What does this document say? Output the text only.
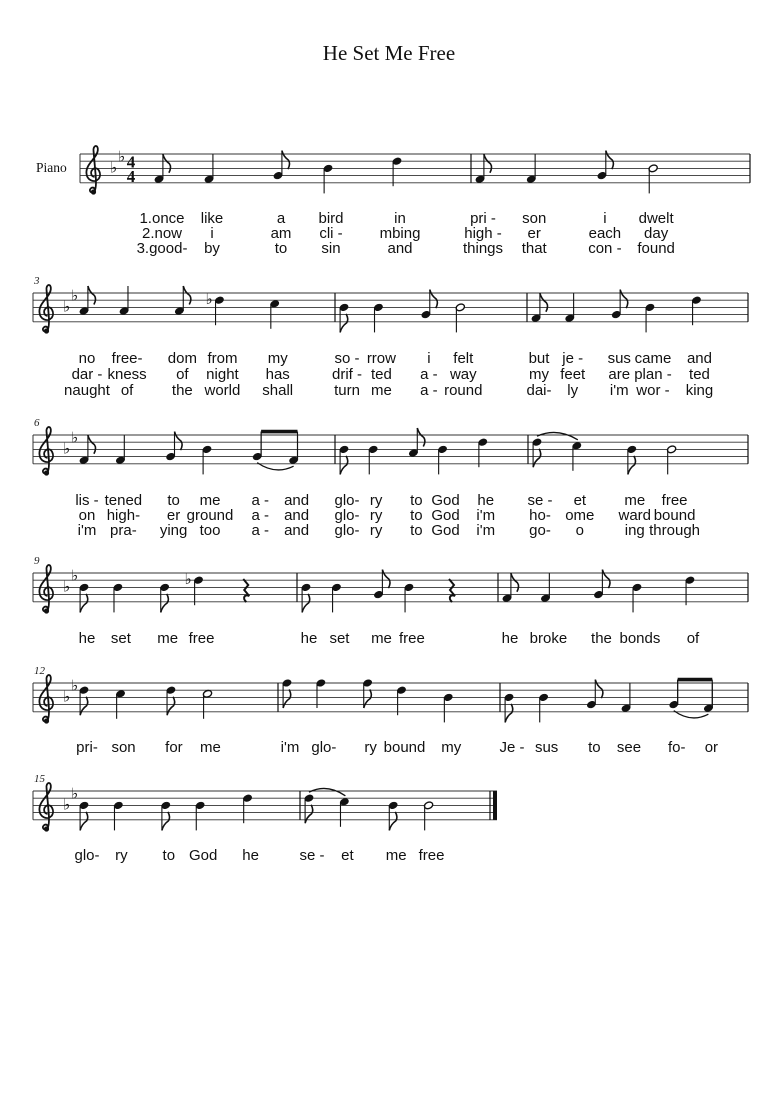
He Set Me Free
Piano	♭
♭ 4
4
1.once like	a bird	in	pri - son	i dwelt
2.now i	am cli - mbing	high - er	each day
3.good- by	to sin	and	things that	con - found
♭
♭
3
♭
no free- dom from my	so - rrow i felt	but je - sus came and
dar - kness of night has	drif - ted a - way	my feet are plan - ted
naught of	the world shall	turn me a - round	dai- ly i'm wor - king
♭
♭
6
lis - tened to me a - and glo- ry to God he se - et	me free
on high- er ground a - and glo- ry to God i'm ho- ome ward bound
i'm pra- ying too a - and glo- ry to God i'm go- o	ing through
♭
♭
9
♭
he set me free	he set me free	he broke the bonds of
♭
♭
12
pri- son for me	i'm glo- ry bound my	Je - sus to see fo- or
♭
♭
15
glo- ry to God he	se - et me free
